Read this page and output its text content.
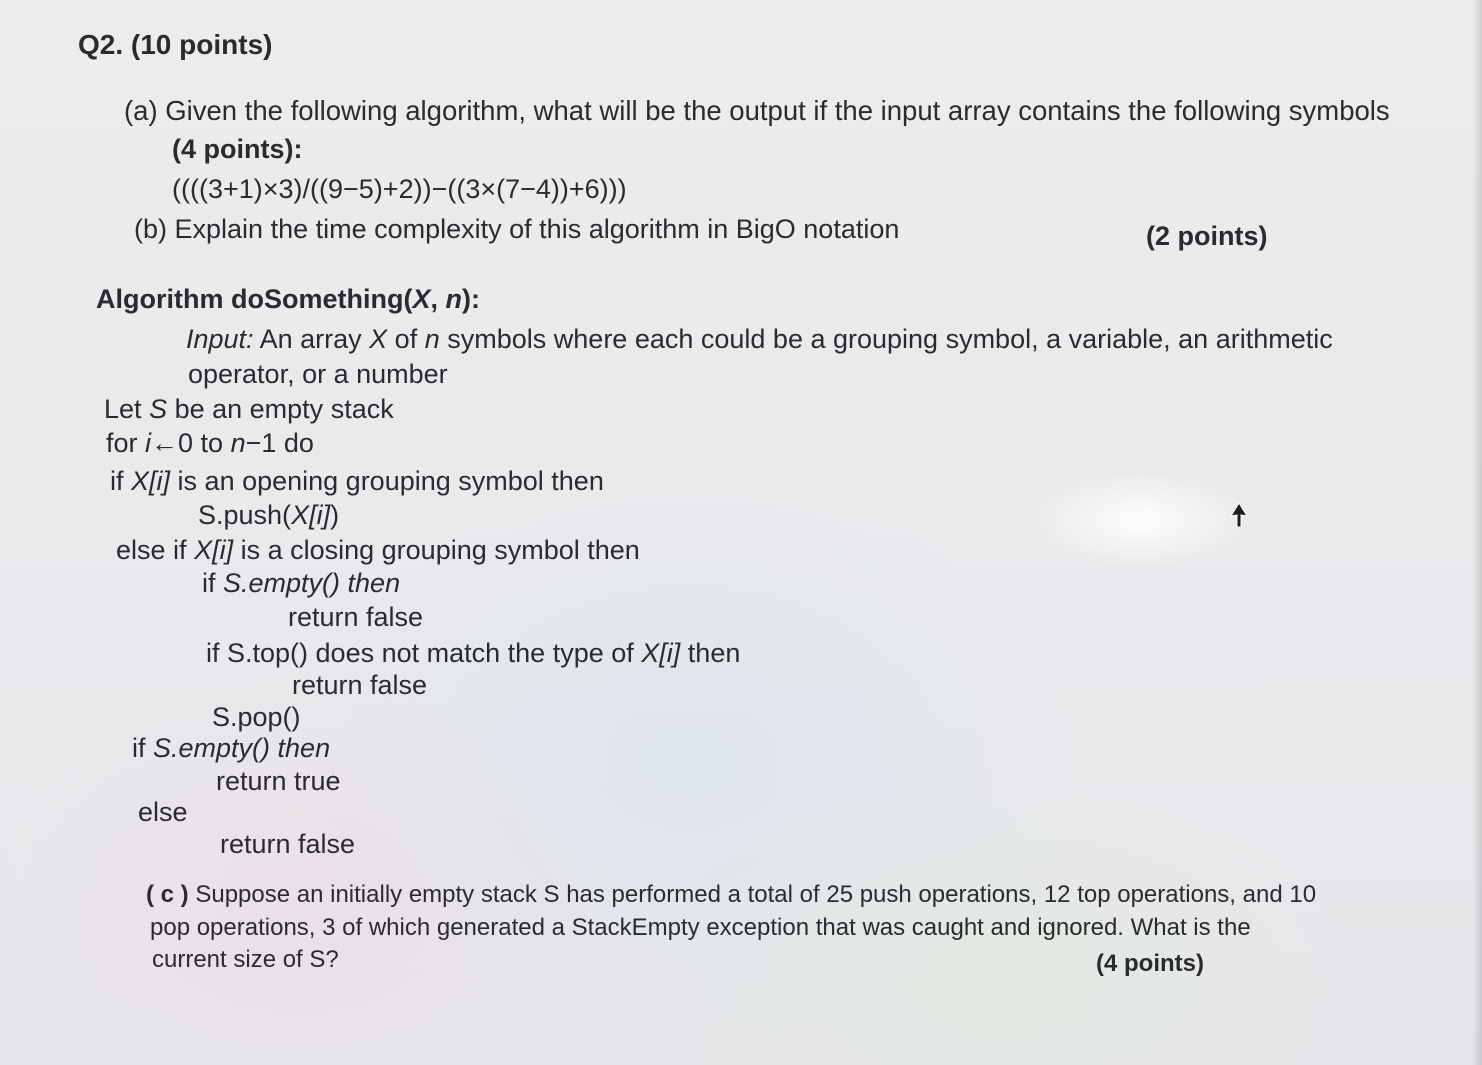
Q2. (10 points)
(a) Given the following algorithm, what will be the output if the input array contains the following symbols
(4 points):
((((3+1)×3)/((9−5)+2))−((3×(7−4))+6)))
(b) Explain the time complexity of this algorithm in BigO notation	(2 points)
Algorithm doSomething(X, n):
Input: An array X of n symbols where each could be a grouping symbol, a variable, an arithmetic
operator, or a number
Let S be an empty stack
for i←0 to n−1 do
if X[i] is an opening grouping symbol then
S.push(X[i])
else if X[i] is a closing grouping symbol then
if S.empty() then
return false
if S.top() does not match the type of X[i] then
return false
S.pop()
if S.empty() then
return true
else
return false
( c ) Suppose an initially empty stack S has performed a total of 25 push operations, 12 top operations, and 10
pop operations, 3 of which generated a StackEmpty exception that was caught and ignored. What is the
current size of S?	(4 points)
